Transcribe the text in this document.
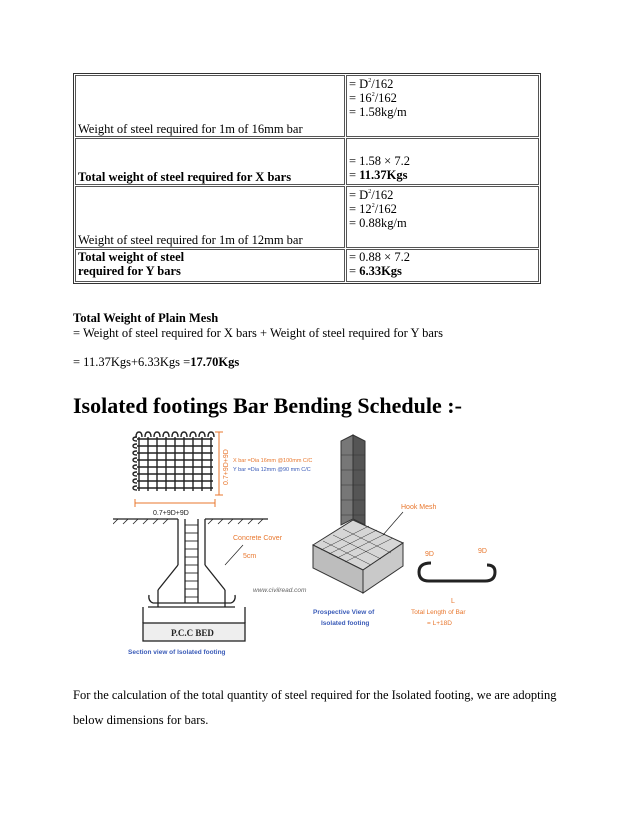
Weight of steel required for 1m of 16mm bar
= $D^2/162$
= $16^2/162$
= 1.58kg/m
Total weight of steel required for X bars
= 1.58 × 7.2
= 11.37Kgs
Weight of steel required for 1m of 12mm bar
= $D^2/162$
= $12^2/162$
= 0.88kg/m
Total weight of steel
required for Y bars
= 0.88 × 7.2
= 6.33Kgs

Total Weight of Plain Mesh

= Weight of steel required for X bars + Weight of steel required for Y bars

= 11.37Kgs+6.33Kgs =17.70Kgs

Isolated footings Bar Bending Schedule :-
0.7+9D+9D
0.7+9D+9D X bar =Dia 16mm @100mm C/C
Y bar =Dia 12mm @90 mm C/C
Concrete Cover
5cm
www.civilread.com
P.C.C BED
Section view of Isolated footing
Hook Mesh
Prospective View of
Isolated footing
9D	9D
L
Total Length of Bar
= L+18D

For the calculation of the total quantity of steel required for the Isolated footing, we are adopting below dimensions for bars.
